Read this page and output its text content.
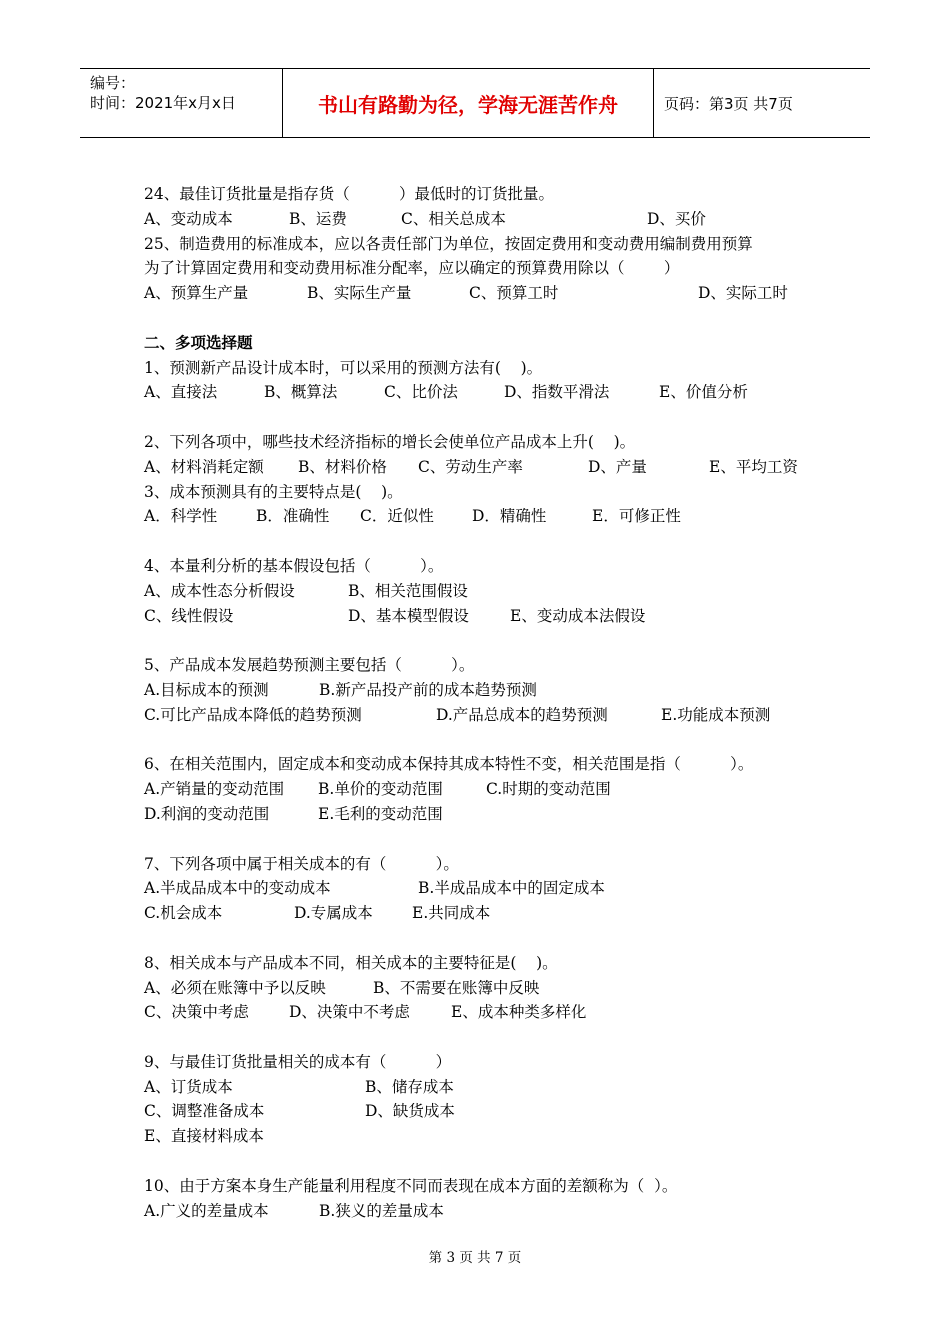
编号：
时间：2021年x月x日	书山有路勤为径，学海无涯苦作舟	页码：第3页 共7页
24、最佳订货批量是指存货（          ）最低时的订货批量。
A、变动成本	B、运费	C、相关总成本	D、买价
25、制造费用的标准成本，应以各责任部门为单位，按固定费用和变动费用编制费用预算
为了计算固定费用和变动费用标准分配率，应以确定的预算费用除以（        ）
A、预算生产量	B、实际生产量	C、预算工时	D、实际工时
二、多项选择题
1、预测新产品设计成本时，可以采用的预测方法有(    )。
A、直接法	B、概算法	C、比价法	D、指数平滑法	E、价值分析
2、下列各项中，哪些技术经济指标的增长会使单位产品成本上升(    )。
A、材料消耗定额	B、材料价格	C、劳动生产率	D、产量	E、平均工资
3、成本预测具有的主要特点是(    )。
A．科学性	B．准确性	C．近似性	D．精确性	E．可修正性
4、本量利分析的基本假设包括（          ）。
A、成本性态分析假设	B、相关范围假设
C、线性假设	D、基本模型假设	E、变动成本法假设
5、产品成本发展趋势预测主要包括（          ）。
A.目标成本的预测	B.新产品投产前的成本趋势预测
C.可比产品成本降低的趋势预测	D.产品总成本的趋势预测	E.功能成本预测
6、在相关范围内，固定成本和变动成本保持其成本特性不变，相关范围是指（          ）。
A.产销量的变动范围	B.单价的变动范围	C.时期的变动范围
D.利润的变动范围	E.毛利的变动范围
7、下列各项中属于相关成本的有（          ）。
A.半成品成本中的变动成本	B.半成品成本中的固定成本
C.机会成本	D.专属成本	E.共同成本
8、相关成本与产品成本不同，相关成本的主要特征是(    )。
A、必须在账簿中予以反映	B、不需要在账簿中反映
C、决策中考虑	D、决策中不考虑	E、成本种类多样化
9、与最佳订货批量相关的成本有（          ）
A、订货成本	B、储存成本
C、调整准备成本	D、缺货成本
E、直接材料成本
10、由于方案本身生产能量利用程度不同而表现在成本方面的差额称为（  ）。
A.广义的差量成本	B.狭义的差量成本
第 3 页 共 7 页
